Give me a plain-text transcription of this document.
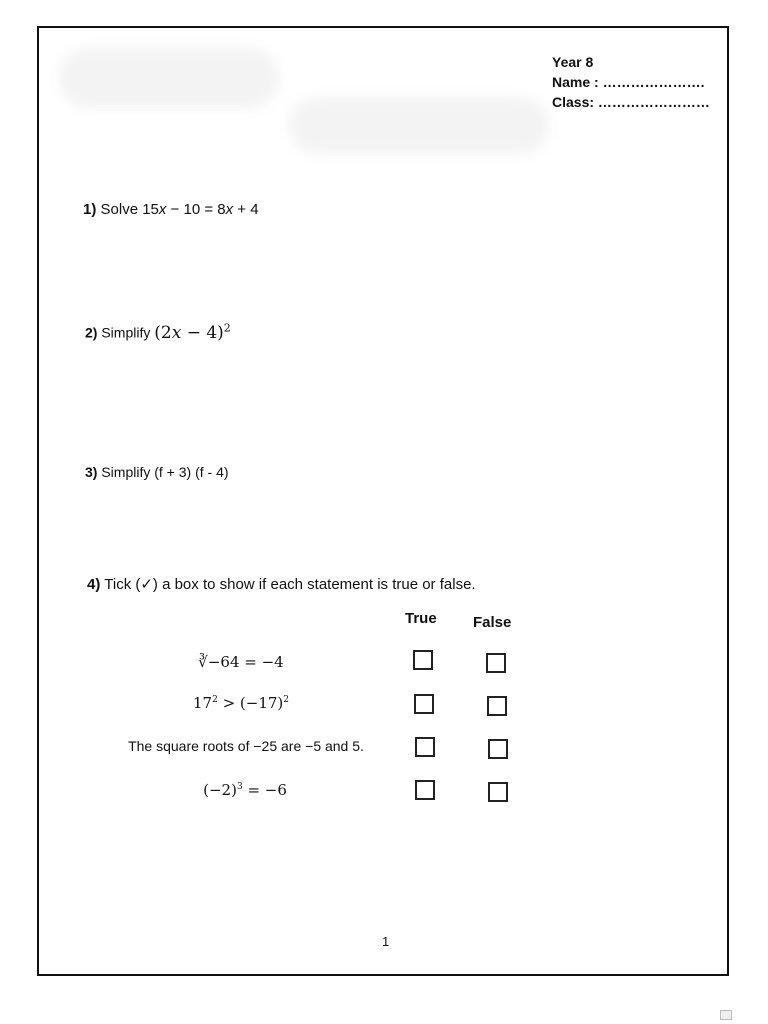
Year 8
Name : ………………….
Class: ……………………
1) Solve 15x − 10 = 8x + 4
2) Simplify $(2x - 4)^2$
3) Simplify (f + 3) (f - 4)
4) Tick (✓) a box to show if each statement is true or false.
True False
∛−64 = −4
$17^2 > (-17)^2$
The square roots of −25 are −5 and 5.
$(-2)^3 = -6$
1
